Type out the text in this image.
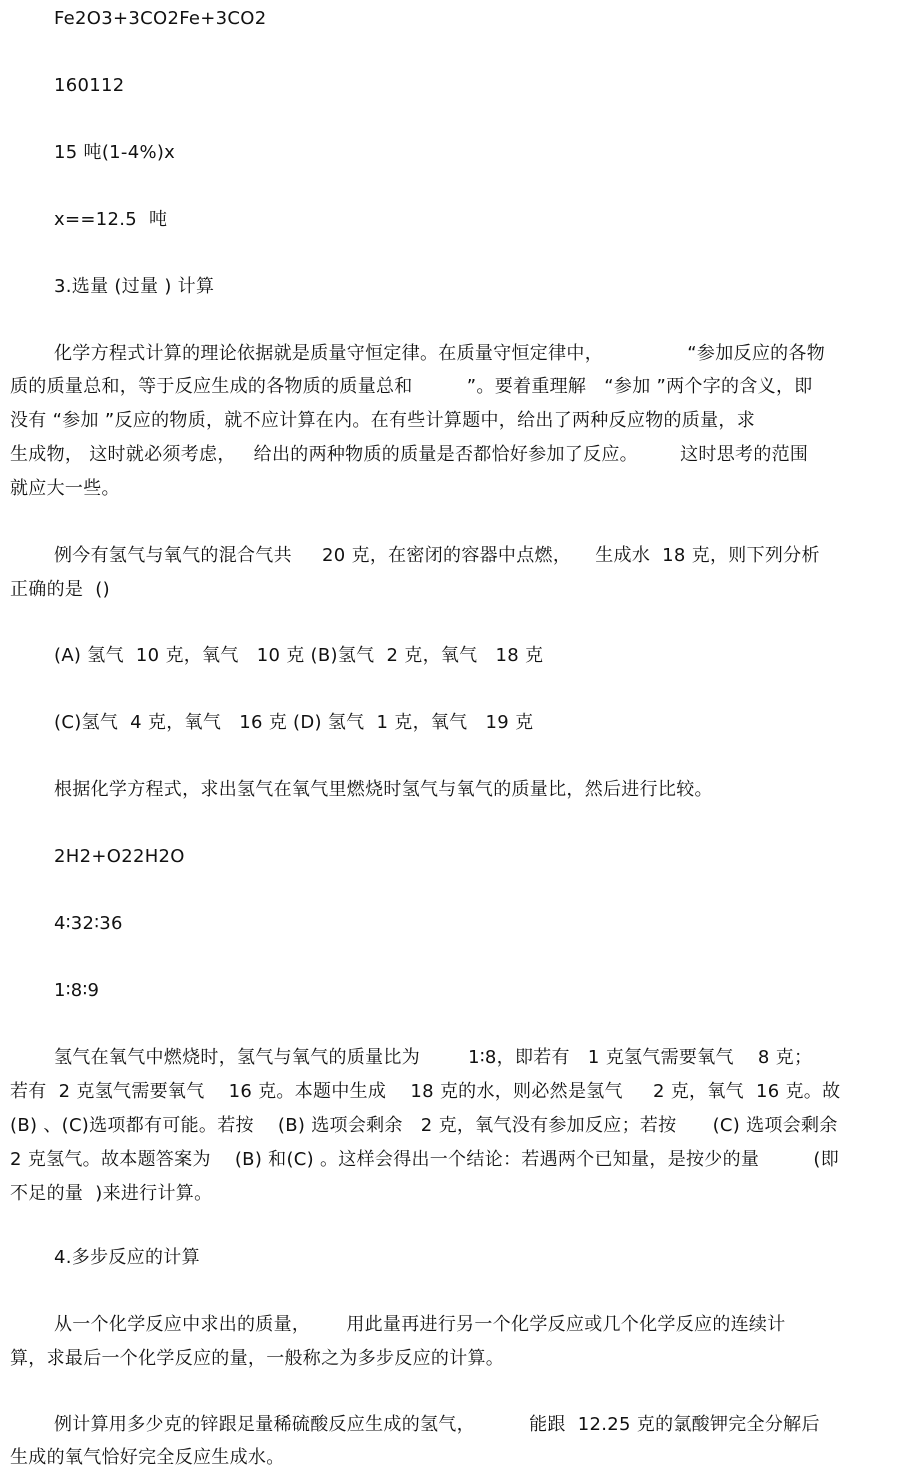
Fe2O3+3CO2Fe+3CO2
160112
15 吨(1-4%)x
x==12.5  吨
3.选量 (过量 ) 计算
化学方程式计算的理论依据就是质量守恒定律。在质量守恒定律中，              “参加反应的各物
质的质量总和，等于反应生成的各物质的质量总和         ”。要着重理解   “参加 ”两个字的含义，即
没有 “参加 ”反应的物质，就不应计算在内。在有些计算题中，给出了两种反应物的质量，求
生成物， 这时就必须考虑，   给出的两种物质的质量是否都恰好参加了反应。       这时思考的范围
就应大一些。
例今有氢气与氧气的混合气共     20 克，在密闭的容器中点燃，    生成水  18 克，则下列分析
正确的是  ()
(A) 氢气  10 克，氧气   10 克 (B)氢气  2 克，氧气   18 克
(C)氢气  4 克，氧气   16 克 (D) 氢气  1 克，氧气   19 克
根据化学方程式，求出氢气在氧气里燃烧时氢气与氧气的质量比，然后进行比较。
2H2+O22H2O
4∶32∶36
1∶8∶9
氢气在氧气中燃烧时，氢气与氧气的质量比为        1∶8，即若有   1 克氢气需要氧气    8 克；
若有  2 克氢气需要氧气    16 克。本题中生成    18 克的水，则必然是氢气     2 克，氧气  16 克。故
(B) 、(C)选项都有可能。若按    (B) 选项会剩余   2 克，氧气没有参加反应；若按      (C) 选项会剩余
2 克氢气。故本题答案为    (B) 和(C) 。这样会得出一个结论：若遇两个已知量，是按少的量         (即
不足的量  )来进行计算。
4.多步反应的计算
从一个化学反应中求出的质量，      用此量再进行另一个化学反应或几个化学反应的连续计
算，求最后一个化学反应的量，一般称之为多步反应的计算。
例计算用多少克的锌跟足量稀硫酸反应生成的氢气，         能跟  12.25 克的氯酸钾完全分解后
生成的氧气恰好完全反应生成水。
